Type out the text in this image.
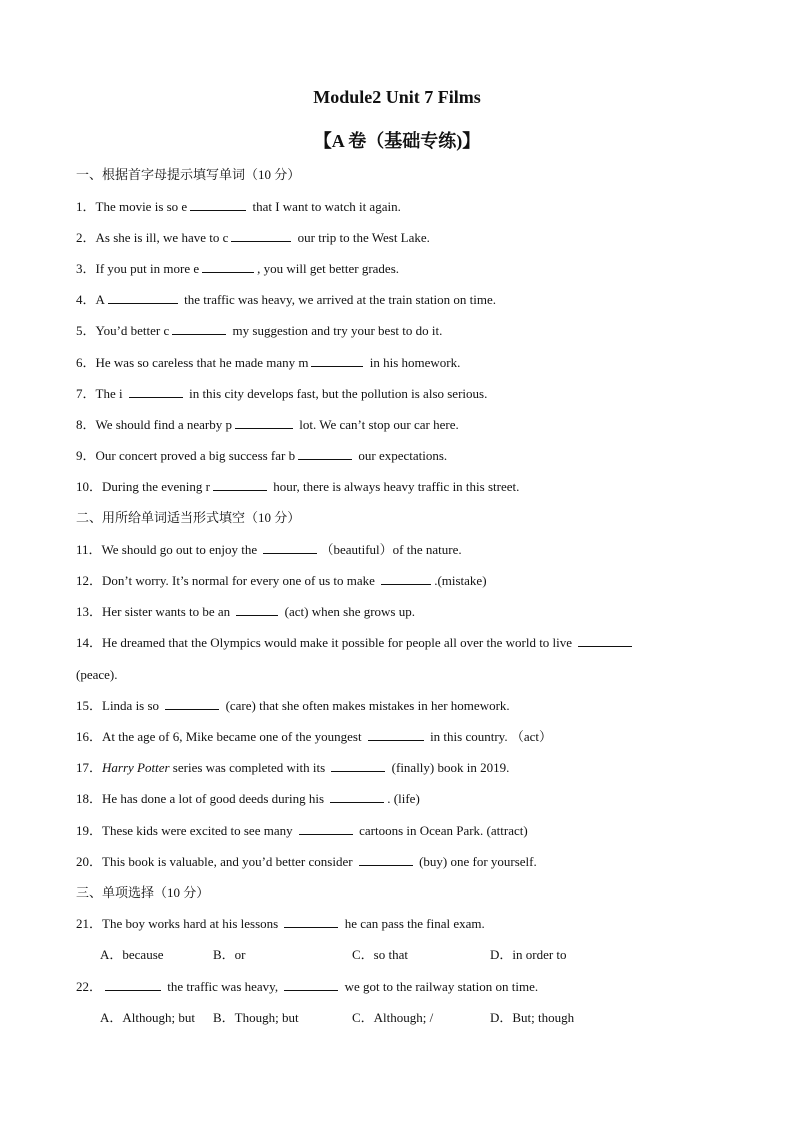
Module2 Unit 7 Films
【A 卷（基础专练)】
一、根据首字母提示填写单词（10 分）
1．The movie is so e	that I want to watch it again.
2．As she is ill, we have to c	our trip to the West Lake.
3．If you put in more e	, you will get better grades.
4．A	the traffic was heavy, we arrived at the train station on time.
5．You’d better c	my suggestion and try your best to do it.
6．He was so careless that he made many m	in his homework.
7．The i	in this city develops fast, but the pollution is also serious.
8．We should find a nearby p	lot. We can’t stop our car here.
9．Our concert proved a big success far b	our expectations.
10．During the evening r	hour, there is always heavy traffic in this street.
二、用所给单词适当形式填空（10 分）
11．We should go out to enjoy the	（beautiful）of the nature.
12．Don’t worry. It’s normal for every one of us to make	.(mistake)
13．Her sister wants to be an	(act) when she grows up.
14．He dreamed that the Olympics would make it possible for people all over the world to live
(peace).
15．Linda is so	(care) that she often makes mistakes in her homework.
16．At the age of 6, Mike became one of the youngest	in this country. （act）
17．Harry Potter series was completed with its	(finally) book in 2019.
18．He has done a lot of good deeds during his	. (life)
19．These kids were excited to see many	cartoons in Ocean Park. (attract)
20．This book is valuable, and you’d better consider	(buy) one for yourself.
三、单项选择（10 分）
21．The boy works hard at his lessons	he can pass the final exam.
A．because	B．or	C．so that	D．in order to
22．	the traffic was heavy,	we got to the railway station on time.
A．Although; but B．Though; but	C．Although; /	D．But; though
